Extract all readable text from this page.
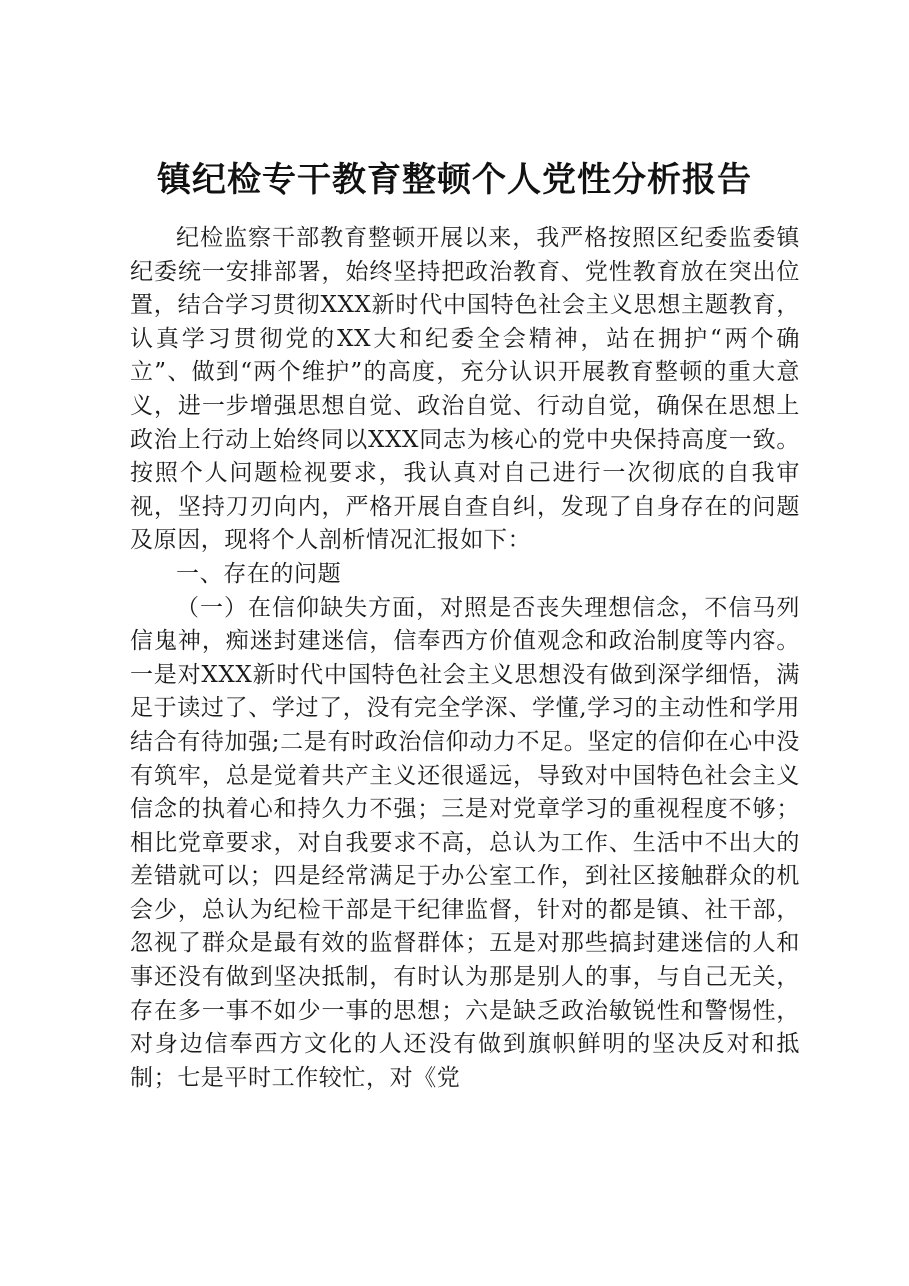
镇纪检专干教育整顿个人党性分析报告

纪检监察干部教育整顿开展以来，我严格按照区纪委监委镇纪委统一安排部署，始终坚持把政治教育、党性教育放在突出位置，结合学习贯彻XXX新时代中国特色社会主义思想主题教育，认真学习贯彻党的XX大和纪委全会精神，站在拥护“两个确立”、做到“两个维护”的高度，充分认识开展教育整顿的重大意义，进一步增强思想自觉、政治自觉、行动自觉，确保在思想上政治上行动上始终同以XXX同志为核心的党中央保持高度一致。按照个人问题检视要求，我认真对自己进行一次彻底的自我审视，坚持刀刃向内，严格开展自查自纠，发现了自身存在的问题及原因，现将个人剖析情况汇报如下：

一、存在的问题

（一）在信仰缺失方面，对照是否丧失理想信念，不信马列信鬼神，痴迷封建迷信，信奉西方价值观念和政治制度等内容。一是对XXX新时代中国特色社会主义思想没有做到深学细悟，满足于读过了、学过了，没有完全学深、学懂,学习的主动性和学用结合有待加强;二是有时政治信仰动力不足。坚定的信仰在心中没有筑牢，总是觉着共产主义还很遥远，导致对中国特色社会主义信念的执着心和持久力不强；三是对党章学习的重视程度不够；相比党章要求，对自我要求不高，总认为工作、生活中不出大的差错就可以；四是经常满足于办公室工作，到社区接触群众的机会少，总认为纪检干部是干纪律监督，针对的都是镇、社干部，忽视了群众是最有效的监督群体；五是对那些搞封建迷信的人和事还没有做到坚决抵制，有时认为那是别人的事，与自己无关，存在多一事不如少一事的思想；六是缺乏政治敏锐性和警惕性，对身边信奉西方文化的人还没有做到旗帜鲜明的坚决反对和抵制；七是平时工作较忙，对《党
